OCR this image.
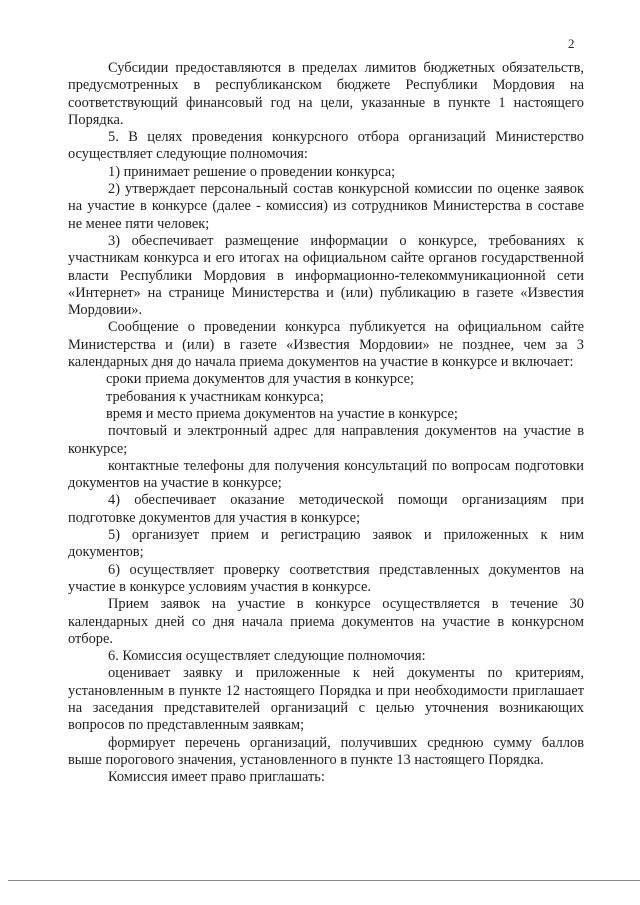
2

Субсидии предоставляются в пределах лимитов бюджетных обязательств, предусмотренных в республиканском бюджете Республики Мордовия на соответствующий финансовый год на цели, указанные в пункте 1 настоящего Порядка.

5. В целях проведения конкурсного отбора организаций Министерство осуществляет следующие полномочия:

1) принимает решение о проведении конкурса;

2) утверждает персональный состав конкурсной комиссии по оценке заявок на участие в конкурсе (далее - комиссия) из сотрудников Министерства в составе не менее пяти человек;

3) обеспечивает размещение информации о конкурсе, требованиях к участникам конкурса и его итогах на официальном сайте органов государственной власти Республики Мордовия в информационно-телекоммуникационной сети «Интернет» на странице Министерства и (или) публикацию в газете «Известия Мордовии».

Сообщение о проведении конкурса публикуется на официальном сайте Министерства и (или) в газете «Известия Мордовии» не позднее, чем за 3 календарных дня до начала приема документов на участие в конкурсе и включает:

сроки приема документов для участия в конкурсе;

требования к участникам конкурса;

время и место приема документов на участие в конкурсе;

почтовый и электронный адрес для направления документов на участие в конкурсе;

контактные телефоны для получения консультаций по вопросам подготовки документов на участие в конкурсе;

4) обеспечивает оказание методической помощи организациям при подготовке документов для участия в конкурсе;

5) организует прием и регистрацию заявок и приложенных к ним документов;

6) осуществляет проверку соответствия представленных документов на участие в конкурсе условиям участия в конкурсе.

Прием заявок на участие в конкурсе осуществляется в течение 30 календарных дней со дня начала приема документов на участие в конкурсном отборе.

6. Комиссия осуществляет следующие полномочия:

оценивает заявку и приложенные к ней документы по критериям, установленным в пункте 12 настоящего Порядка и при необходимости приглашает на заседания представителей организаций с целью уточнения возникающих вопросов по представленным заявкам;

формирует перечень организаций, получивших среднюю сумму баллов выше порогового значения, установленного в пункте 13 настоящего Порядка.

Комиссия имеет право приглашать:
